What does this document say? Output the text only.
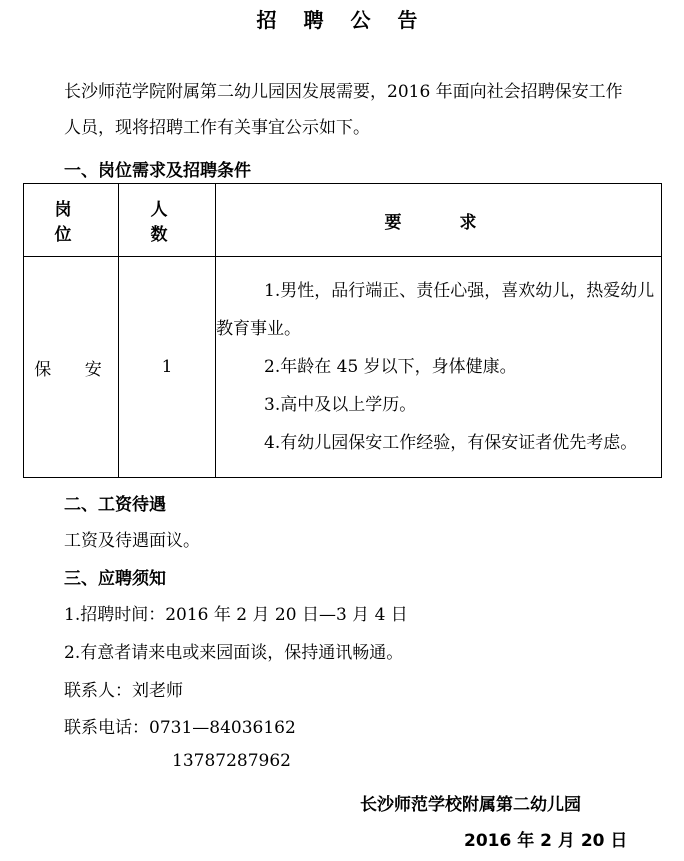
招 聘 公 告
长沙师范学院附属第二幼儿园因发展需要，2016 年面向社会招聘保安工作人员，现将招聘工作有关事宜公示如下。
一、岗位需求及招聘条件
岗 位	人 数	要 求
保 安	1	1.男性，品行端正、责任心强，喜欢幼儿，热爱幼儿教育事业。
2.年龄在 45 岁以下，身体健康。
3.高中及以上学历。
4.有幼儿园保安工作经验，有保安证者优先考虑。
二、工资待遇
工资及待遇面议。
三、应聘须知
1.招聘时间：2016 年 2 月 20 日—3 月 4 日
2.有意者请来电或来园面谈，保持通讯畅通。
联系人：刘老师
联系电话：0731—84036162
13787287962
长沙师范学校附属第二幼儿园
2016 年 2 月 20 日
